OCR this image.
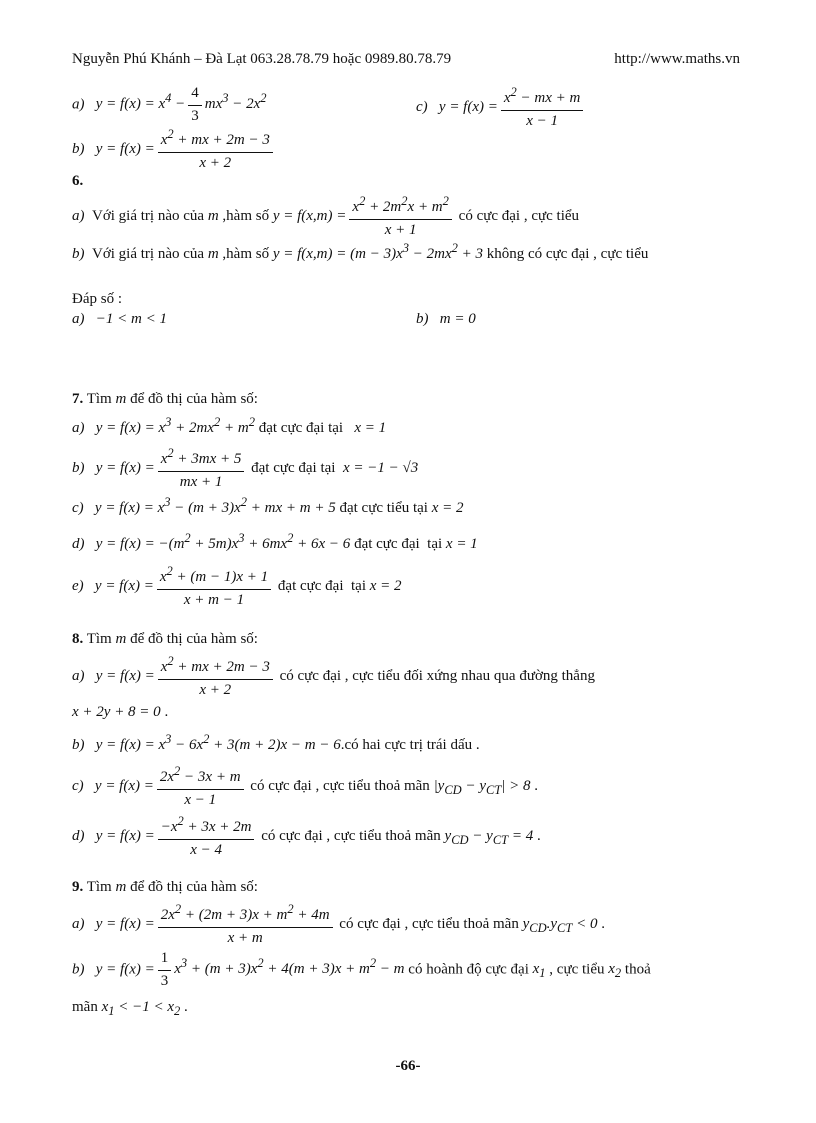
Nguyễn Phú Khánh – Đà Lạt 063.28.78.79 hoặc 0989.80.78.79	http://www.maths.vn
a) $y = f(x) = x^4 - \frac{4}{3} mx^3 - 2x^2$
c) $y = f(x) = \frac{x^2 - mx + m}{x - 1}$
b) $y = f(x) = \frac{x^2 + mx + 2m - 3}{x + 2}$
6.
a)  Với giá trị nào của m ,hàm số $y = f(x,m) = \frac{x^2 + 2m^2x + m^2}{x + 1}$ có cực đại , cực tiểu
b)  Với giá trị nào của m ,hàm số $y = f(x,m) = (m - 3)x^3 - 2mx^2 + 3$ không có cực đại , cực tiểu
Đáp số :
a) −1 < m < 1	b) m = 0
7. Tìm m để đồ thị của hàm số:
a) $y = f(x) = x^3 + 2mx^2 + m^2$ đạt cực đại tại   x = 1
b) $y = f(x) = \frac{x^2 + 3mx + 5}{mx + 1}$ đạt cực đại tại  x = −1 − √3
c) $y = f(x) = x^3 - (m + 3)x^2$ + mx + m + 5 đạt cực tiểu tại x = 2
d) $y = f(x) = -(m^2 + 5m)x^3 + 6mx^2 + 6x - 6$ đạt cực đại  tại x = 1
e) $y = f(x) = \frac{x^2 + (m - 1)x + 1}{x + m - 1}$ đạt cực đại  tại x = 2
8. Tìm m để đồ thị của hàm số:
a) $y = f(x) = \frac{x^2 + mx + 2m - 3}{x + 2}$ có cực đại , cực tiểu đối xứng nhau qua đường thẳng
x + 2y + 8 = 0 .
b) $y = f(x) = x^3 - 6x^2 + 3(m + 2)x - m$ − 6.có hai cực trị trái dấu .
c) $y = f(x) = \frac{2x^2 - 3x + m}{x - 1}$ có cực đại , cực tiểu thoả mãn $|y_{CD} - y_{CT}| > 8$ .
d) $y = f(x) = \frac{-x^2 + 3x + 2m}{x - 4}$ có cực đại , cực tiểu thoả mãn $y_{CD} - y_{CT} = 4$ .
9. Tìm m để đồ thị của hàm số:
a) $y = f(x) = \frac{2x^2 + (2m + 3)x + m^2 + 4m}{x + m}$ có cực đại , cực tiểu thoả mãn $y_{CD}.y_{CT} < 0$ .
b) $y = f(x) = \frac{1}{3} x^3 + (m + 3)x^2 + 4(m + 3)x + m^2 - m$ có hoành độ cực đại $x_1$ , cực tiểu $x_2$ thoả
mãn $x_1 < -1 < x_2$ .
-66-
